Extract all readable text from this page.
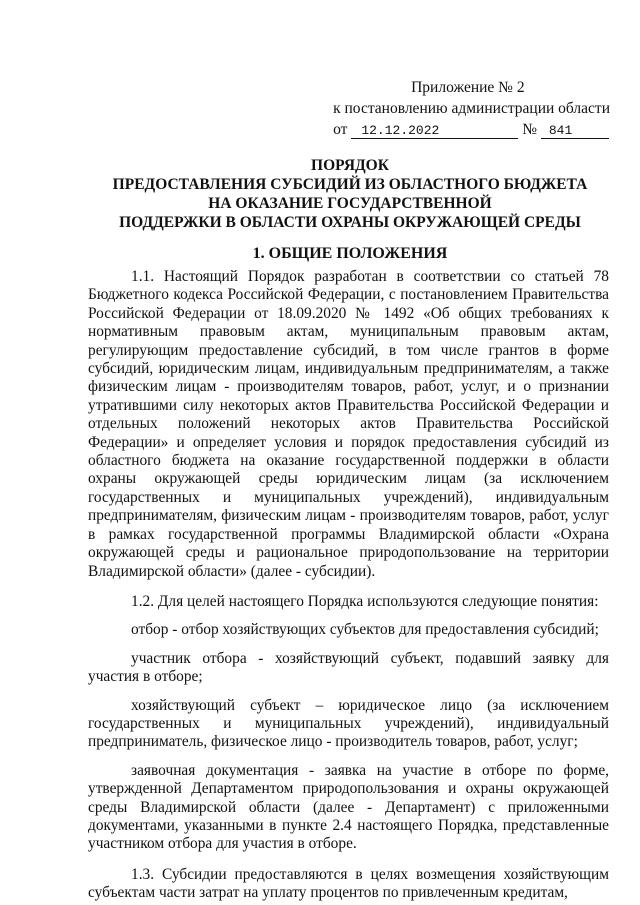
Приложение № 2
к постановлению администрации области
от 12.12.2022	№ 841
ПОРЯДОК
ПРЕДОСТАВЛЕНИЯ СУБСИДИЙ ИЗ ОБЛАСТНОГО БЮДЖЕТА
НА ОКАЗАНИЕ ГОСУДАРСТВЕННОЙ
ПОДДЕРЖКИ В ОБЛАСТИ ОХРАНЫ ОКРУЖАЮЩЕЙ СРЕДЫ
1. ОБЩИЕ ПОЛОЖЕНИЯ

1.1. Настоящий Порядок разработан в соответствии со статьей 78 Бюджетного кодекса Российской Федерации, с постановлением Правительства Российской Федерации от 18.09.2020 № 1492 «Об общих требованиях к нормативным правовым актам, муниципальным правовым актам, регулирующим предоставление субсидий, в том числе грантов в форме субсидий, юридическим лицам, индивидуальным предпринимателям, а также физическим лицам - производителям товаров, работ, услуг, и о признании утратившими силу некоторых актов Правительства Российской Федерации и отдельных положений некоторых актов Правительства Российской Федерации» и определяет условия и порядок предоставления субсидий из областного бюджета на оказание государственной поддержки в области охраны окружающей среды юридическим лицам (за исключением государственных и муниципальных учреждений), индивидуальным предпринимателям, физическим лицам - производителям товаров, работ, услуг в рамках государственной программы Владимирской области «Охрана окружающей среды и рациональное природопользование на территории Владимирской области» (далее - субсидии).

1.2. Для целей настоящего Порядка используются следующие понятия:

отбор - отбор хозяйствующих субъектов для предоставления субсидий;

участник отбора - хозяйствующий субъект, подавший заявку для участия в отборе;

хозяйствующий субъект – юридическое лицо (за исключением государственных и муниципальных учреждений), индивидуальный предприниматель, физическое лицо - производитель товаров, работ, услуг;

заявочная документация - заявка на участие в отборе по форме, утвержденной Департаментом природопользования и охраны окружающей среды Владимирской области (далее - Департамент) с приложенными документами, указанными в пункте 2.4 настоящего Порядка, представленные участником отбора для участия в отборе.

1.3. Субсидии предоставляются в целях возмещения хозяйствующим субъектам части затрат на уплату процентов по привлеченным кредитам,
